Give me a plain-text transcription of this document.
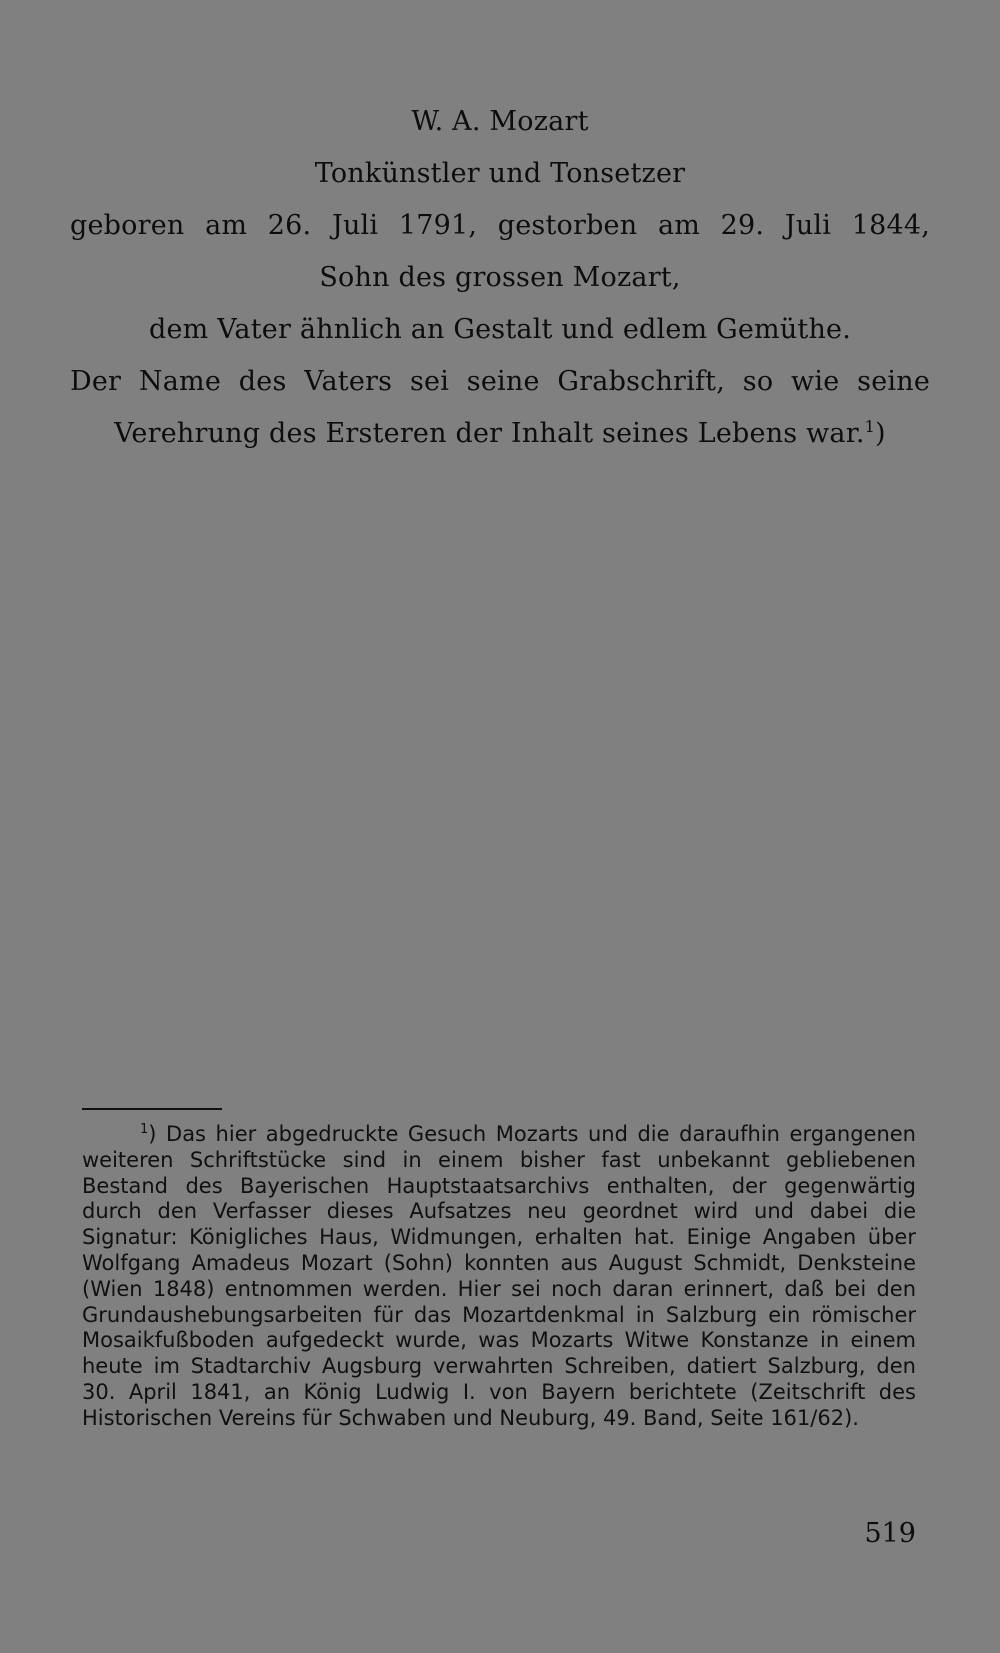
W. A. Mozart
Tonkünstler und Tonsetzer
geboren am 26. Juli 1791, gestorben am 29. Juli 1844,
Sohn des grossen Mozart,
dem Vater ähnlich an Gestalt und edlem Gemüthe.
Der Name des Vaters sei seine Grabschrift, so wie seine
Verehrung des Ersteren der Inhalt seines Lebens war.$^1$)
$^1$) Das hier abgedruckte Gesuch Mozarts und die daraufhin ergangenen weiteren Schriftstücke sind in einem bisher fast unbekannt gebliebenen Bestand des Bayerischen Hauptstaatsarchivs enthalten, der gegenwärtig durch den Verfasser dieses Aufsatzes neu geordnet wird und dabei die Signatur: Königliches Haus, Widmungen, erhalten hat. Einige Angaben über Wolfgang Amadeus Mozart (Sohn) konnten aus August Schmidt, Denksteine (Wien 1848) entnommen werden. Hier sei noch daran erinnert, daß bei den Grundaushebungsarbeiten für das Mozartdenkmal in Salzburg ein römischer Mosaikfußboden aufgedeckt wurde, was Mozarts Witwe Konstanze in einem heute im Stadtarchiv Augsburg verwahrten Schreiben, datiert Salzburg, den 30. April 1841, an König Ludwig I. von Bayern berichtete (Zeitschrift des Historischen Vereins für Schwaben und Neuburg, 49. Band, Seite 161/62).
519
